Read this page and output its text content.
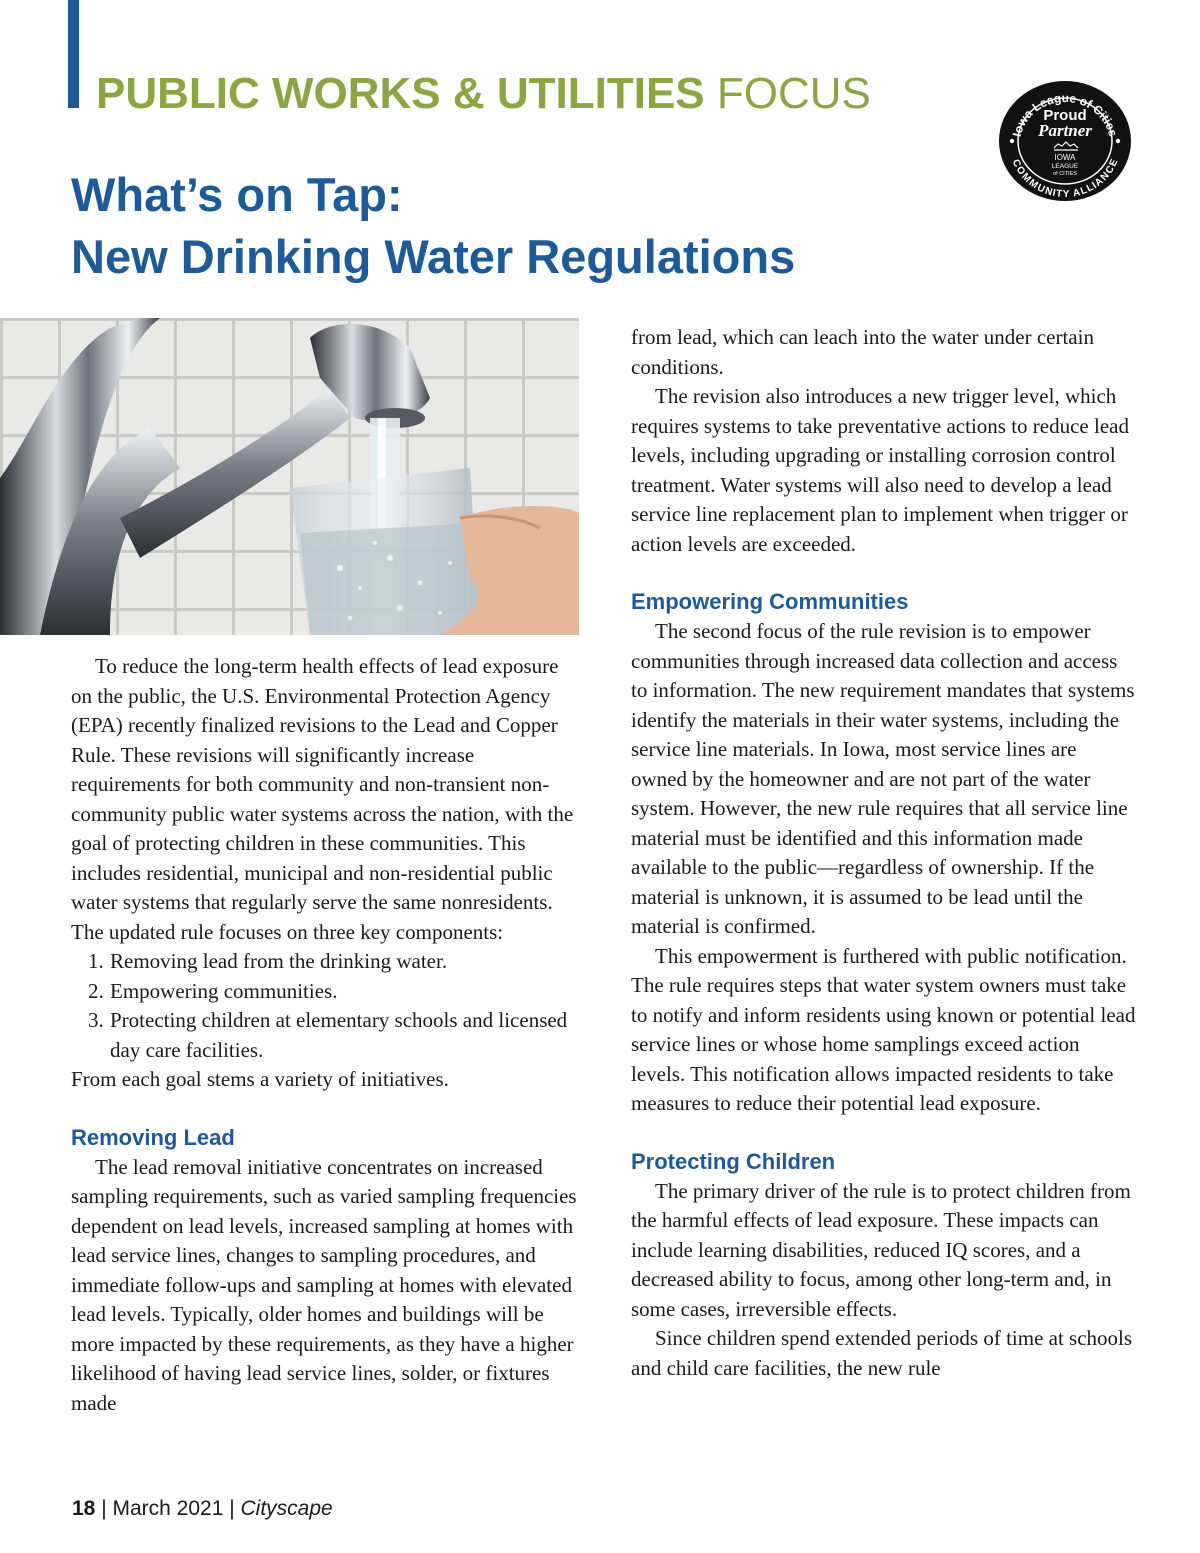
PUBLIC WORKS & UTILITIES FOCUS
What’s on Tap:
New Drinking Water Regulations
Iowa League of Cities
COMMUNITY ALLIANCE
Proud
Partner
IOWA
LEAGUE
of CITIES

To reduce the long-term health effects of lead exposure on the public, the U.S. Environmental Protection Agency (EPA) recently finalized revisions to the Lead and Copper Rule. These revisions will significantly increase requirements for both community and non-transient non-community public water systems across the nation, with the goal of protecting children in these communities. This includes residential, municipal and non-residential public water systems that regularly serve the same nonresidents. The updated rule focuses on three key components:

1. Removing lead from the drinking water.
2. Empowering communities.
3. Protecting children at elementary schools and licensed day care facilities.

From each goal stems a variety of initiatives.

Removing Lead

The lead removal initiative concentrates on increased sampling requirements, such as varied sampling frequencies dependent on lead levels, increased sampling at homes with lead service lines, changes to sampling procedures, and immediate follow-ups and sampling at homes with elevated lead levels. Typically, older homes and buildings will be more impacted by these requirements, as they have a higher likelihood of having lead service lines, solder, or fixtures made

from lead, which can leach into the water under certain conditions.

The revision also introduces a new trigger level, which requires systems to take preventative actions to reduce lead levels, including upgrading or installing corrosion control treatment. Water systems will also need to develop a lead service line replacement plan to implement when trigger or action levels are exceeded.

Empowering Communities

The second focus of the rule revision is to empower communities through increased data collection and access to information. The new requirement mandates that systems identify the materials in their water systems, including the service line materials. In Iowa, most service lines are owned by the homeowner and are not part of the water system. However, the new rule requires that all service line material must be identified and this information made available to the public—regardless of ownership. If the material is unknown, it is assumed to be lead until the material is confirmed.

This empowerment is furthered with public notification. The rule requires steps that water system owners must take to notify and inform residents using known or potential lead service lines or whose home samplings exceed action levels. This notification allows impacted residents to take measures to reduce their potential lead exposure.

Protecting Children

The primary driver of the rule is to protect children from the harmful effects of lead exposure. These impacts can include learning disabilities, reduced IQ scores, and a decreased ability to focus, among other long-term and, in some cases, irreversible effects.

Since children spend extended periods of time at schools and child care facilities, the new rule

18 | March 2021 | Cityscape
